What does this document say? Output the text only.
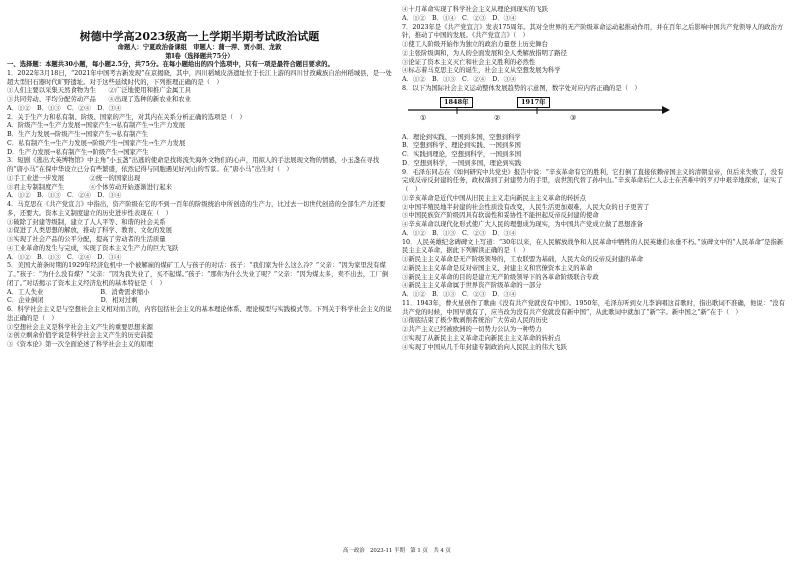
树德中学高2023级高一上学期半期考试政治试题
命题人：宁夏政治备课组　审题人：蒲一萍、贾小朗、龙敦
第Ⅰ卷（选择题共75分）
一、选择题：本题共30小题，每小题2.5分，共75分。在每小题给出的四个选项中，只有一项是最符合题目要求的。
1．2022年3月18日，“2021年中国考古新发现”在京揭晓，其中，四川稻城皮洛遗址位于长江上游的四川甘孜藏族自治州稻城县，是一处超大型旧石器时代旷野遗址。对于这些延续时代的，下列推理正确的是（　）
①人们主要以采集天然食物为生　　②广泛地使用和推广金属工具
③共同劳动、平均分配劳动产品　　④出现了选种的新农业和农业
A．①②　B．①③　C．②④　D．③④
2．关于生产力和私有制、阶级、国家的产生，对其内在关系分析正确的选项是（　）
A．阶级产生→生产力发展→国家产生→私有制产生→生产力发展
B．生产力发展→阶级产生→国家产生→私有制产生
C．私有制产生→生产力发展→阶级产生→国家产生→生产力发展
D．生产力发展→私有制产生→阶级产生→国家产生
3．短剧《逃出大英博物馆》中主角“小玉盏”出逃的使命是找将流失海外文物们的心声，用拟人的手法展现文物的情感，小玉盏在寻找的“唐小马”在保中华设立已分有些繁盛，依然记得与同胞遇见好河山的雪景。在“唐小马”出生时（　）
①手工业进一步发展　　　　②统一的国家出现
③君主专制制度产生　　　　④个体劳动开始逐渐进行起来
A．①②　B．①③　C．②④　D．③④
4．马克思在《共产党宣言》中指出，资产阶级在它的不到一百年的阶级统治中所创造的生产力，比过去一切世代创造的全部生产力还要多，还要大。资本主义制度建立的历史进步性表现在（　）
①破除了封建等级制，建立了人人平等、和谐的社会关系
②促进了人类思想的解放，推动了科学、教育、文化的发展
③实现了社会产品的公平分配，提高了劳动者的生活质量
④工业革命的发生与完成，实现了资本主义生产力的巨大飞跃
A．①②　B．①③　C．②④　D．③④
5．美国大萧条时期的1929年经济危机中一个被解雇的煤矿工人与孩子的对话：孩子：“我们家为什么这么冷？”父亲：“因为家里没有煤了。”孩子：“为什么没有煤？”父亲：“因为我失业了，买不起煤。”孩子：“那你为什么失业了呢？”父亲：“因为煤太多，卖不出去，工厂倒闭了。”对话揭示了资本主义经济危机的基本特征是（　）
A．工人失业　　　　　　　　　B．消费需求缩小
C．企业倒闭　　　　　　　　　D．相对过剩
6．科学社会主义是与空想社会主义相对而言的，内容包括社会主义的基本理论体系、理论模型与实践模式等。下列关于科学社会主义的说法正确的是（　）
①空想社会主义是科学社会主义产生的重要思想来源
②创立剩余价值学说是科学社会主义产生的历史前提
③《资本论》第一次全面论述了科学社会主义的原理
④十月革命实现了科学社会主义从理论到现实的飞跃
A．①②　B．①④　C．②③　D．③④
7．2023年是《共产党宣言》发表175周年。其对全世界的无产阶级革命运动起推动作用，并在百年之后影响中国共产党领导人的政治方针，推动了中国的发展。《共产党宣言》（　）
①使工人阶级开始作为独立的政治力量登上历史舞台
②主张阶级调和，为人的全面发展和全人类解放指明了路径
③论证了资本主义灭亡和社会主义胜利的必然性
④标志着马克思主义的诞生，社会主义从空想发展为科学
A．①②　B．①③　C．②④　D．③④
8．以下为国际社会主义运动整体发展趋势的示意图，数字处对应内容正确的是（　）
1848年	1917年
①	②	③
A．理论到实践、一国到多国，空想到科学
B．空想到科学、理论到实践、一国到多国
C．实践到理论，空想到科学，一国到多国
D．空想到科学，一国到多国，理论到实践
9．毛泽东同志在《如何研究中共党史》报告中说：“辛亥革命有它的胜利，它打倒了直接依赖帝国主义的清朝皇帝，但后来失败了，没有完成反帝反封建的任务，政权落到了封建势力的手里，袁世凯代替了孙中山。”辛亥革命后仁人志士在苦难中的歹刃中艰辛地探索，证实了（　）
①辛亥革命是近代中国从旧民主主义走向新民主主义革命的转折点
②中国半殖民地半封建的社会性质没有改变，人民生活更加艰难，人民大众的日子更苦了
③中国民族资产阶级因具有软弱性和妥协性不能担起反帝反封建的使命
④辛亥革命以现代化形式使广大人民的理想成为现实，为中国共产党成立做了思想准备
A．①②　B．①③　C．②③　D．③④
10．人民英雄纪念碑碑文上写道：“30年以来，在人民解放战争和人民革命中牺牲的人民英雄们永垂不朽。”该碑文中的“人民革命”是指新民主主义革命，据此下列解读正确的是（　）
①新民主主义革命是无产阶级领导的，工农联盟为基础，人民大众的反帝反封建的革命
②新民主主义革命是反对帝国主义、封建主义和官僚资本主义的革命
③新民主主义革命的目的是建立无产阶级领导下的各革命阶级联合专政
④新民主主义革命属于世界资产阶级革命的一部分
A．①②　B．①③　C．②③　D．③④
11．1943年，曹火星创作了歌曲《没有共产党就没有中国》。1950年，毛泽东听到女儿李讷唱这首歌时，指出歌词不准确，他说：“没有共产党的时候，中国早就有了，应当改为没有共产党就没有新中国”，从此歌词中就加了“新”字。新中国之“新”在于（　）
①彻底结束了极少数剥削者统治广大劳动人民的历史
②共产主义已经被欧洲的一切势力公认为一种势力
③实现了从新民主主义革命走向新民主主义革命的转折点
④实现了中国从几千年封建专制政治向人民民主的伟大飞跃
高一政治　2023-11 半期　第 1 页　共 4 页
